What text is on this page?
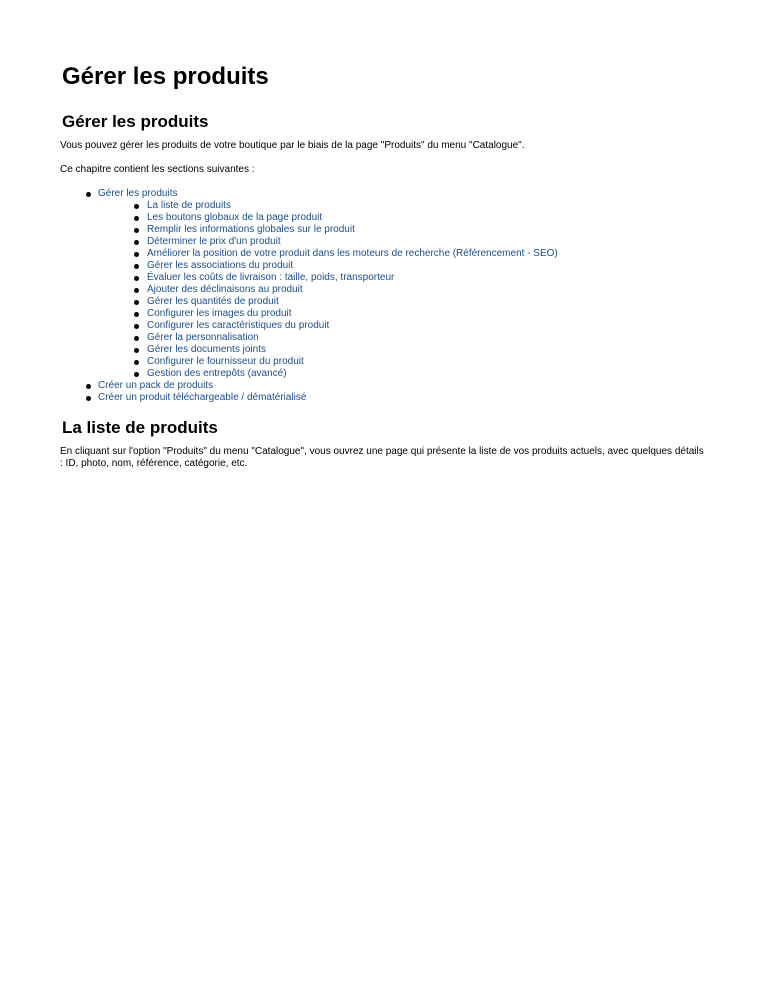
Gérer les produits
Gérer les produits

Vous pouvez gérer les produits de votre boutique par le biais de la page "Produits" du menu "Catalogue".

Ce chapitre contient les sections suivantes :

Gérer les produits
La liste de produits
Les boutons globaux de la page produit
Remplir les informations globales sur le produit
Déterminer le prix d'un produit
Améliorer la position de votre produit dans les moteurs de recherche (Référencement - SEO)
Gérer les associations du produit
Évaluer les coûts de livraison : taille, poids, transporteur
Ajouter des déclinaisons au produit
Gérer les quantités de produit
Configurer les images du produit
Configurer les caractéristiques du produit
Gérer la personnalisation
Gérer les documents joints
Configurer le fournisseur du produit
Gestion des entrepôts (avancé)
Créer un pack de produits
Créer un produit téléchargeable / dématérialisé
La liste de produits

En cliquant sur l'option "Produits" du menu "Catalogue", vous ouvrez une page qui présente la liste de vos produits actuels, avec quelques détails : ID, photo, nom, référence, catégorie, etc.
